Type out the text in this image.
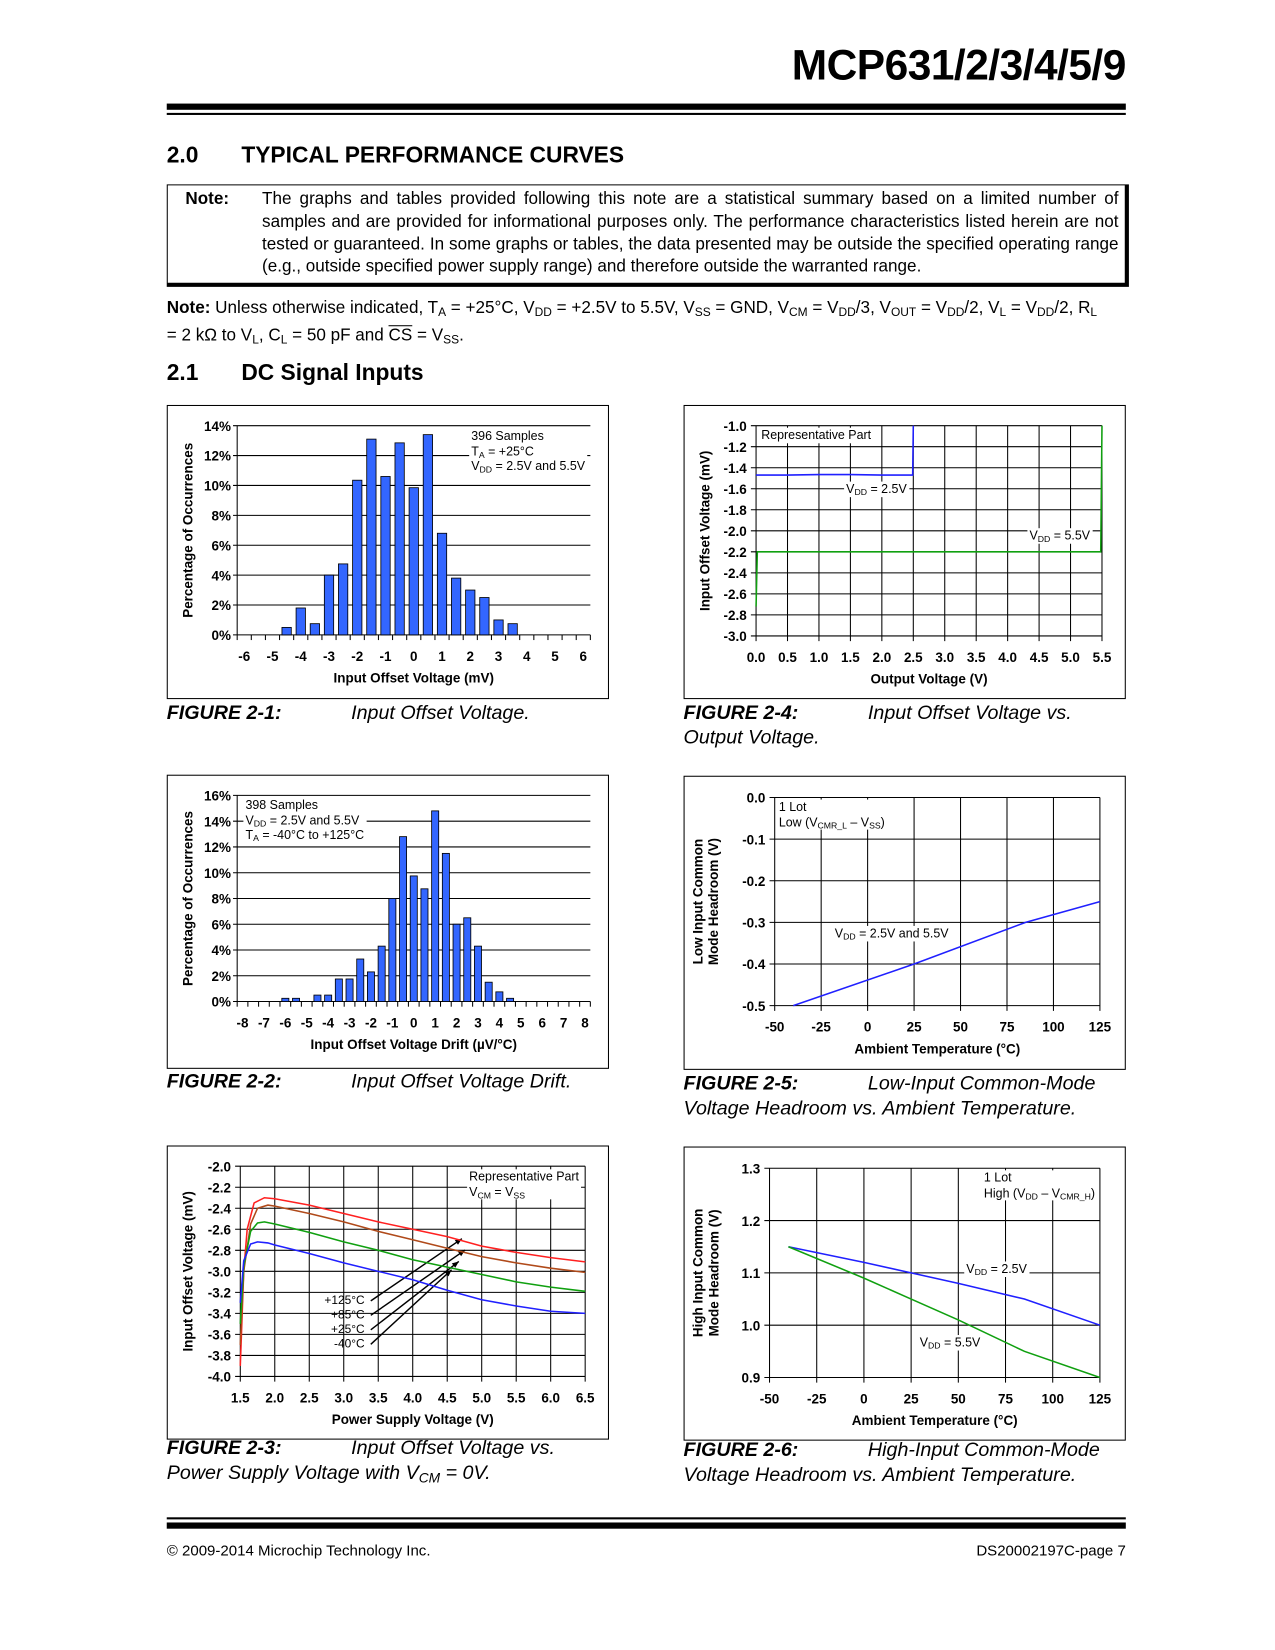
MCP631/2/3/4/5/9
2.0 TYPICAL PERFORMANCE CURVES
Note: The graphs and tables provided following this note are a statistical summary based on a limited number of samples and are provided for informational purposes only. The performance characteristics listed herein are not tested or guaranteed. In some graphs or tables, the data presented may be outside the specified operating range (e.g., outside specified power supply range) and therefore outside the warranted range.
Note: Unless otherwise indicated, $T_A = +25^\circ C$, $V_{DD} = +2.5V$ to 5.5V, $V_{SS}$ = GND, $V_{CM} = V_{DD}/3$, $V_{OUT} = V_{DD}/2$, $V_L = V_{DD}/2$, $R_L = 2$ kΩ to $V_L$, $C_L = 50$ pF and $\overline{CS} = V_{SS}$.
2.1 DC Signal Inputs
0%
2%
4%
6%
8%
10%
12%
14%
-6 -5 -4 -3 -2 -1 0 1 2 3 4 5 6
Input Offset Voltage (mV)
Percentage of Occurrences
0%
2%
4%
6%
8%
10%
12%
14%
16%
-8 -7 -6 -5 -4 -3 -2 -1 0 1 2 3 4 5 6 7 8
Input Offset Voltage Drift (µV/°C)
Percentage of Occurrences
1.5 2.0 2.5 3.0 3.5 4.0 4.5 5.0 5.5 6.0 6.5
-4.0
-3.8
-3.6
-3.4
-3.2
-3.0
-2.8
-2.6
-2.4
-2.2
-2.0
Power Supply Voltage (V)
Input Offset Voltage (mV)
0.0 0.5 1.0 1.5 2.0 2.5 3.0 3.5 4.0 4.5 5.0 5.5
-3.0
-2.8
-2.6
-2.4
-2.2
-2.0
-1.8
-1.6
-1.4
-1.2
-1.0
Output Voltage (V)
Input Offset Voltage (mV)
-50 -25	0	25 50 75 100 125
-0.5
-0.4
-0.3
-0.2
-0.1
0.0
Ambient Temperature (°C)
Low Input Common Mode Headroom (V)
-50 -25	0	25 50 75 100 125
0.9
1.0
1.1
1.2
1.3
Ambient Temperature (°C)
High Input Common Mode Headroom (V)
396 Samples
$T_A = +25^\circ C$
$V_{DD} = 2.5V$ and 5.5V
398 Samples
$V_{DD} = 2.5V$ and 5.5V
$T_A = -40^\circ C$ to +125°C
Representative Part
$V_{CM} = V_{SS}$
+125°C
+85°C
+25°C
-40°C
Representative Part
$V_{DD} = 2.5V$
$V_{DD} = 5.5V$
1 Lot
Low $(V_{CMR\_L} - V_{SS})$
$V_{DD} = 2.5V$ and 5.5V
1 Lot
High $(V_{DD} - V_{CMR\_H})$
$V_{DD} = 2.5V$
$V_{DD} = 5.5V$
FIGURE 2-1:	Input Offset Voltage.
FIGURE 2-2:	Input Offset Voltage Drift.
FIGURE 2-3:	Input Offset Voltage vs. Power Supply Voltage with $V_{CM} = 0V$.
FIGURE 2-4:	Input Offset Voltage vs. Output Voltage.
FIGURE 2-5:	Low-Input Common-Mode Voltage Headroom vs. Ambient Temperature.
FIGURE 2-6:	High-Input Common-Mode Voltage Headroom vs. Ambient Temperature.
© 2009-2014 Microchip Technology Inc.	DS20002197C-page 7
